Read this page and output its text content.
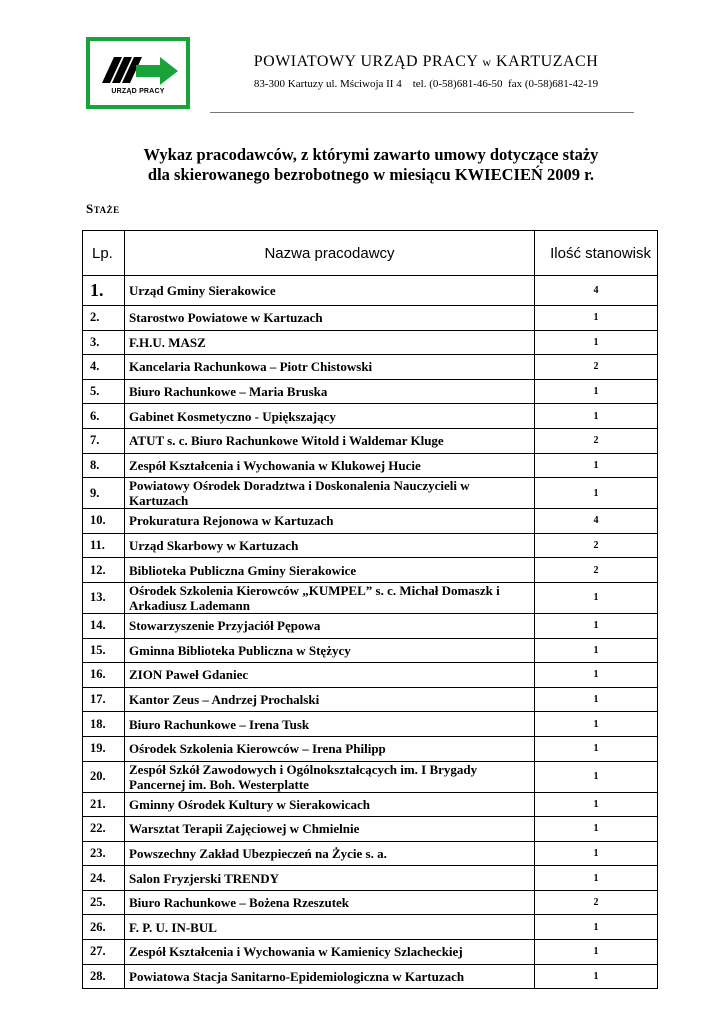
URZĄD PRACY
POWIATOWY URZĄD PRACY w KARTUZACH
83-300 Kartuzy ul. Mściwoja II 4    tel. (0-58)681-46-50  fax (0-58)681-42-19
Wykaz pracodawców, z którymi zawarto umowy dotyczące staży
dla skierowanego bezrobotnego w miesiącu KWIECIEŃ 2009 r.
Staże
Lp.	Nazwa pracodawcy	Ilość stanowisk
1.	Urząd Gminy Sierakowice	4
2.	Starostwo Powiatowe w Kartuzach	1
3.	F.H.U. MASZ	1
4.	Kancelaria Rachunkowa – Piotr Chistowski	2
5.	Biuro Rachunkowe – Maria Bruska	1
6.	Gabinet Kosmetyczno - Upiększający	1
7.	ATUT s. c. Biuro Rachunkowe Witold i Waldemar Kluge	2
8.	Zespół Kształcenia i Wychowania w Klukowej Hucie	1
9.	Powiatowy Ośrodek Doradztwa i Doskonalenia Nauczycieli w Kartuzach	1
10.	Prokuratura Rejonowa w Kartuzach	4
11.	Urząd Skarbowy w Kartuzach	2
12.	Biblioteka Publiczna Gminy Sierakowice	2
13.	Ośrodek Szkolenia Kierowców „KUMPEL” s. c. Michał Domaszk i Arkadiusz Lademann	1
14.	Stowarzyszenie Przyjaciół Pępowa	1
15.	Gminna Biblioteka Publiczna w Stężycy	1
16.	ZION Paweł Gdaniec	1
17.	Kantor Zeus – Andrzej Prochalski	1
18.	Biuro Rachunkowe – Irena Tusk	1
19.	Ośrodek Szkolenia Kierowców – Irena Philipp	1
20.	Zespół Szkół Zawodowych i Ogólnokształcących im. I Brygady Pancernej im. Boh. Westerplatte	1
21.	Gminny Ośrodek Kultury w Sierakowicach	1
22.	Warsztat Terapii Zajęciowej w Chmielnie	1
23.	Powszechny Zakład Ubezpieczeń na Życie s. a.	1
24.	Salon Fryzjerski TRENDY	1
25.	Biuro Rachunkowe – Bożena Rzeszutek	2
26.	F. P. U. IN-BUL	1
27.	Zespół Kształcenia i Wychowania w Kamienicy Szlacheckiej	1
28.	Powiatowa Stacja Sanitarno-Epidemiologiczna w Kartuzach	1
